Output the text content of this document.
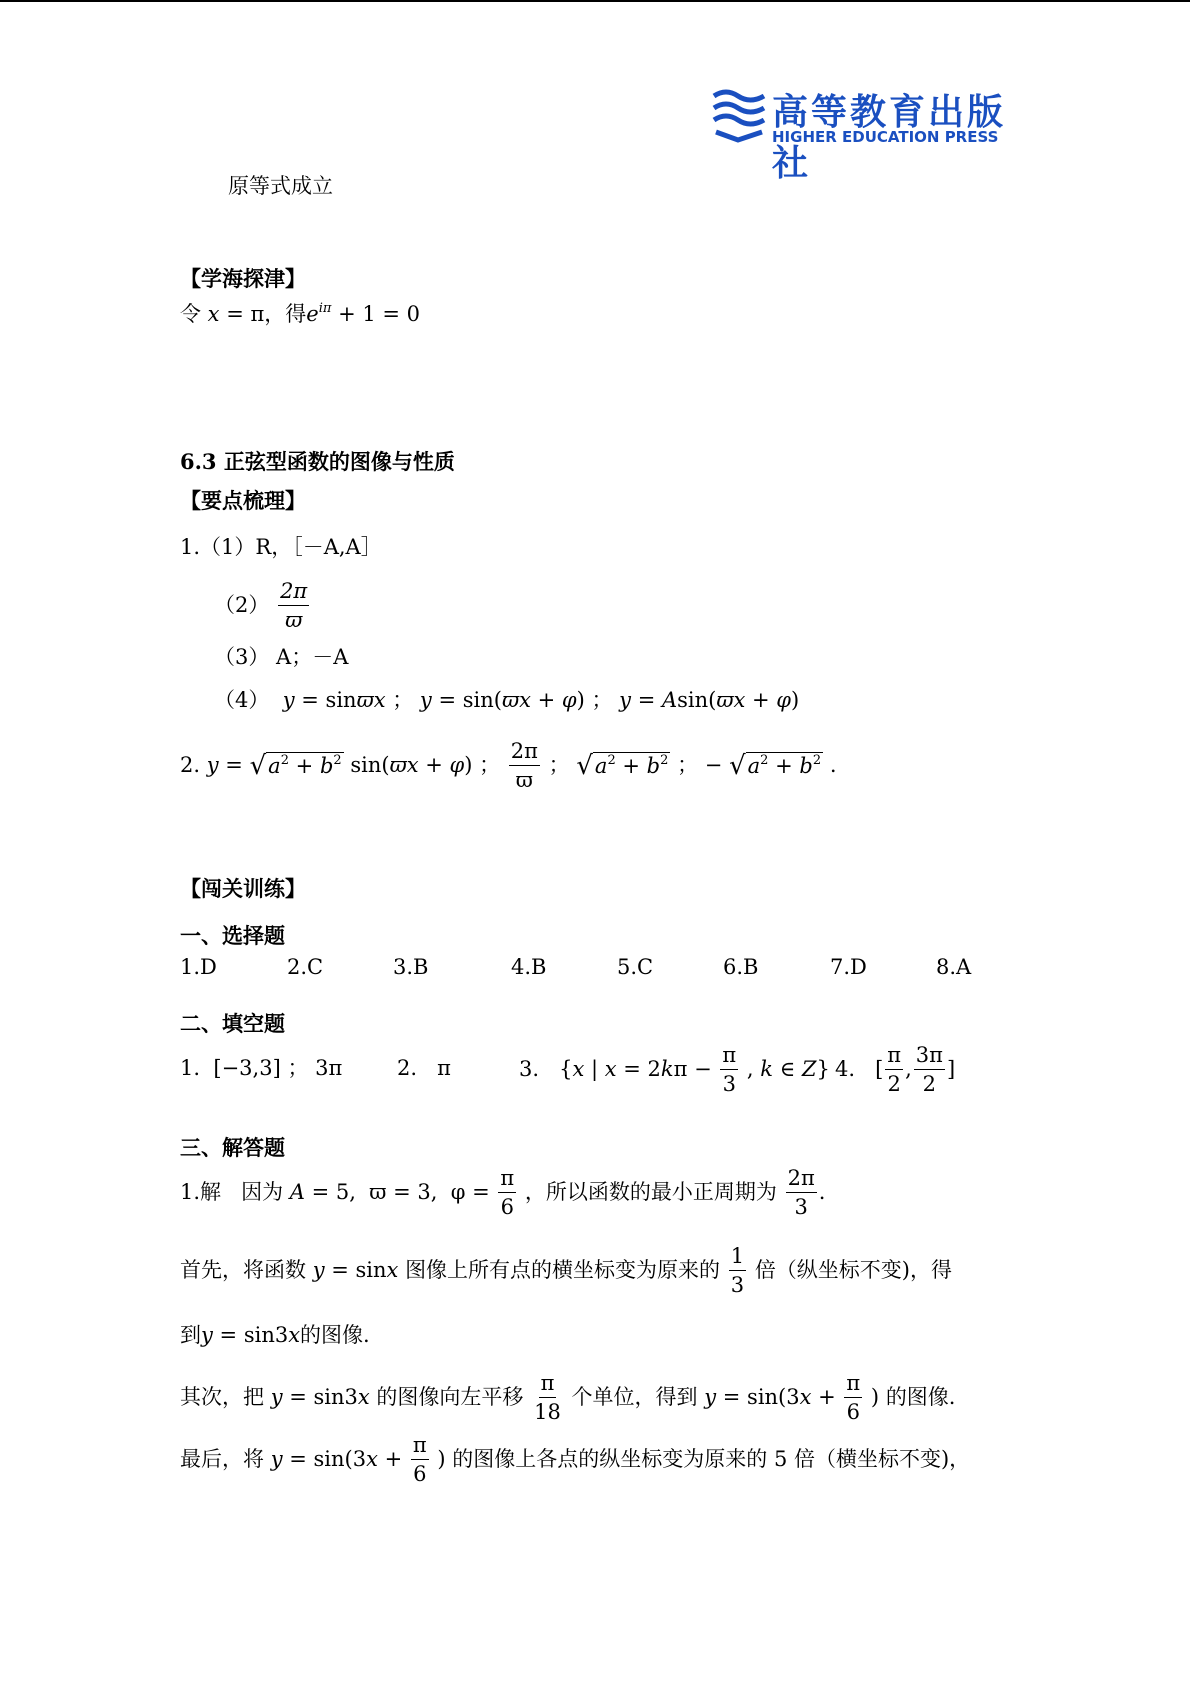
高等教育出版社
HIGHER EDUCATION PRESS
原等式成立
【学海探津】
令 x = π，得$e^{i\pi} + 1 = 0$
6.3 正弦型函数的图像与性质
【要点梳理】
1.（1）R，［－A,A］
$(2) \frac{2\pi}{ϖ}$
（3） A；－A
（4） y = sinϖx ； y = sin(ϖx + φ) ； y = Asin(ϖx + φ)
2. y = √ $a^2 + b^2$ sin(ϖx + φ) ； $\frac{2\pi}{ϖ}$ ； √ $a^2 + b^2$ ； − √ $a^2 + b^2$ .
【闯关训练】
一、选择题
1.D	2.C	3.B	4.B	5.C	6.B	7.D	8.A
二、填空题
1.  [−3,3] ； 3π	2.   π	3. {x | $x = 2k\pi - \frac{\pi}{3}$ , k ∈ Z} 4. [ $\frac{\pi}{2}$ , $\frac{3\pi}{2}$ ]
三、解答题
1.解 因为 A = 5,  ϖ = 3,  $\varphi = \frac{\pi}{6}$ ，所以函数的最小正周期为 $\frac{2\pi}{3}$ .
首先，将函数 y = sinx 图像上所有点的横坐标变为原来的 $\frac{1}{3}$ 倍（纵坐标不变)，得
到y = sin3x的图像.
其次，把 y = sin3x 的图像向左平移 $\frac{\pi}{18}$ 个单位，得到 $y = \sin(3x + \frac{\pi}{6}$ ) 的图像.
最后，将 $y = \sin(3x + \frac{\pi}{6}$ ) 的图像上各点的纵坐标变为原来的 5 倍（横坐标不变)，
